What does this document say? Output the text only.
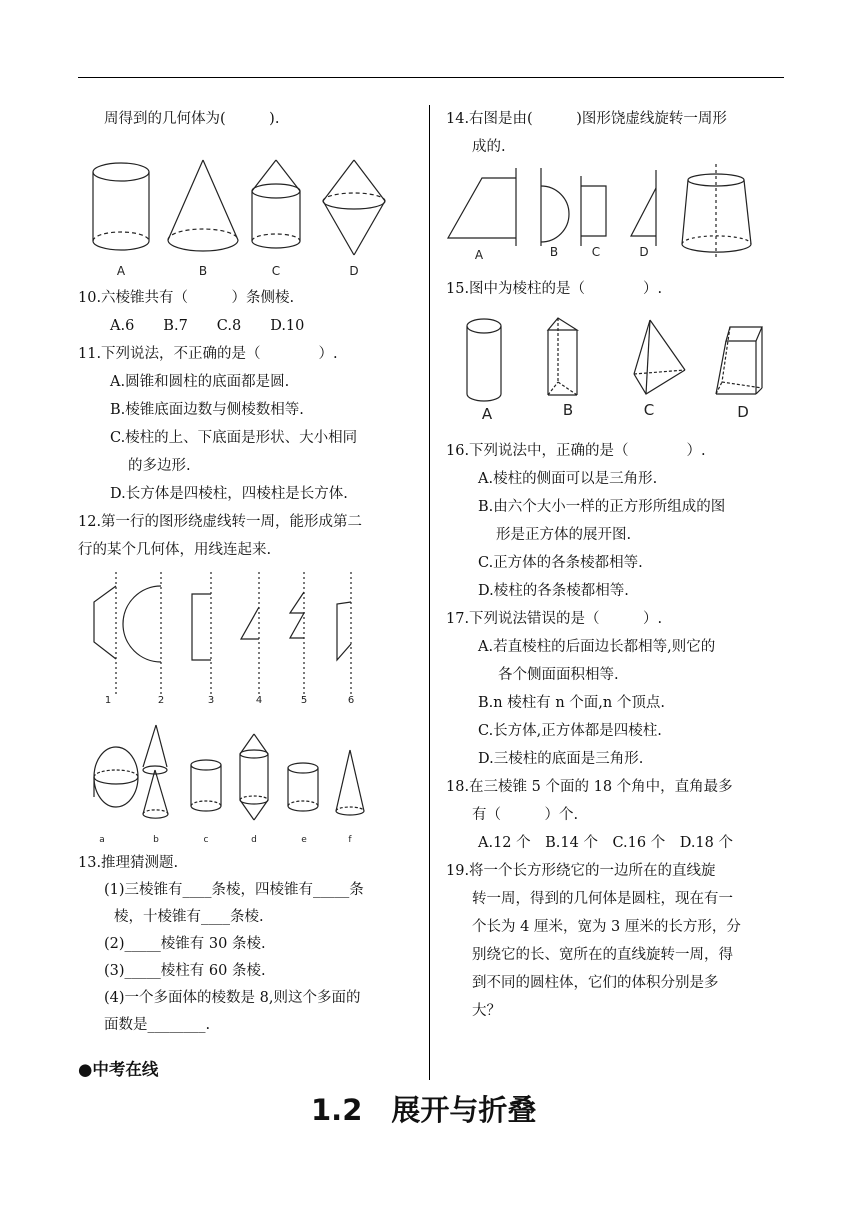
周得到的几何体为(　　　).
A	B	C	D
10.六棱锥共有（　　　）条侧棱.
A.6　　B.7　　C.8　　D.10
11.下列说法，不正确的是（　　　　）.
A.圆锥和圆柱的底面都是圆.
B.棱锥底面边数与侧棱数相等.
C.棱柱的上、下底面是形状、大小相同
的多边形.
D.长方体是四棱柱，四棱柱是长方体.
12.第一行的图形绕虚线转一周，能形成第二
行的某个几何体，用线连起来.
1	2	3	4	5	6
a	b	c	d	e	f
13.推理猜测题.
(1)三棱锥有____条棱，四棱锥有_____条
棱，十棱锥有____条棱.
(2)_____棱锥有 30 条棱.
(3)_____棱柱有 60 条棱.
(4)一个多面体的棱数是 8,则这个多面的
面数是________.
●中考在线
14.右图是由(　　　)图形饶虚线旋转一周形
成的.
A	B	C	D
15.图中为棱柱的是（　　　　）.
A	B	C	D
16.下列说法中，正确的是（　　　　）.
A.棱柱的侧面可以是三角形.
B.由六个大小一样的正方形所组成的图
形是正方体的展开图.
C.正方体的各条棱都相等.
D.棱柱的各条棱都相等.
17.下列说法错误的是（　　　）.
A.若直棱柱的后面边长都相等,则它的
各个侧面面积相等.
B.n 棱柱有 n 个面,n 个顶点.
C.长方体,正方体都是四棱柱.
D.三棱柱的底面是三角形.
18.在三棱锥 5 个面的 18 个角中，直角最多
有（　　　）个.
A.12 个　B.14 个　C.16 个　D.18 个
19.将一个长方形绕它的一边所在的直线旋
转一周，得到的几何体是圆柱，现在有一
个长为 4 厘米，宽为 3 厘米的长方形，分
别绕它的长、宽所在的直线旋转一周，得
到不同的圆柱体，它们的体积分别是多
大？
1.2　展开与折叠
